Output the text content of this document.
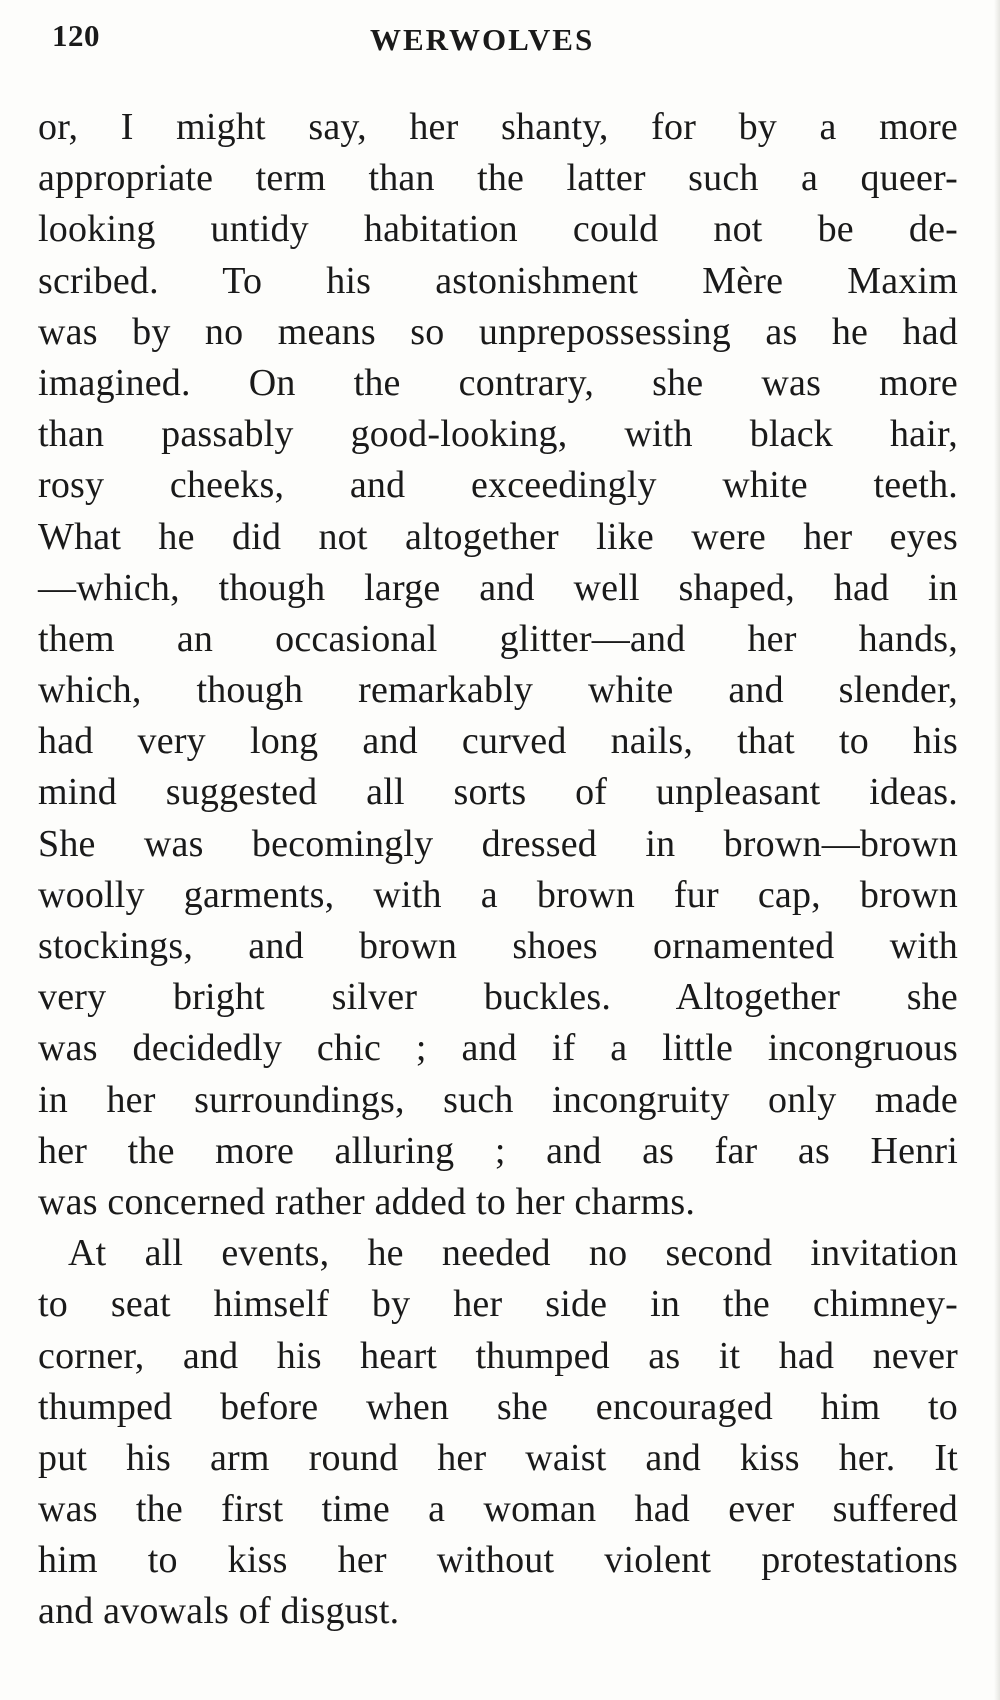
120	WERWOLVES
or, I might say, her shanty, for by a more
appropriate term than the latter such a queer-
looking untidy habitation could not be de-
scribed. To his astonishment Mère Maxim
was by no means so unprepossessing as he had
imagined. On the contrary, she was more
than passably good-looking, with black hair,
rosy cheeks, and exceedingly white teeth.
What he did not altogether like were her eyes
—which, though large and well shaped, had in
them an occasional glitter—and her hands,
which, though remarkably white and slender,
had very long and curved nails, that to his
mind suggested all sorts of unpleasant ideas.
She was becomingly dressed in brown—brown
woolly garments, with a brown fur cap, brown
stockings, and brown shoes ornamented with
very bright silver buckles. Altogether she
was decidedly chic ; and if a little incongruous
in her surroundings, such incongruity only made
her the more alluring ; and as far as Henri
was concerned rather added to her charms.
At all events, he needed no second invitation
to seat himself by her side in the chimney-
corner, and his heart thumped as it had never
thumped before when she encouraged him to
put his arm round her waist and kiss her. It
was the first time a woman had ever suffered
him to kiss her without violent protestations
and avowals of disgust.
